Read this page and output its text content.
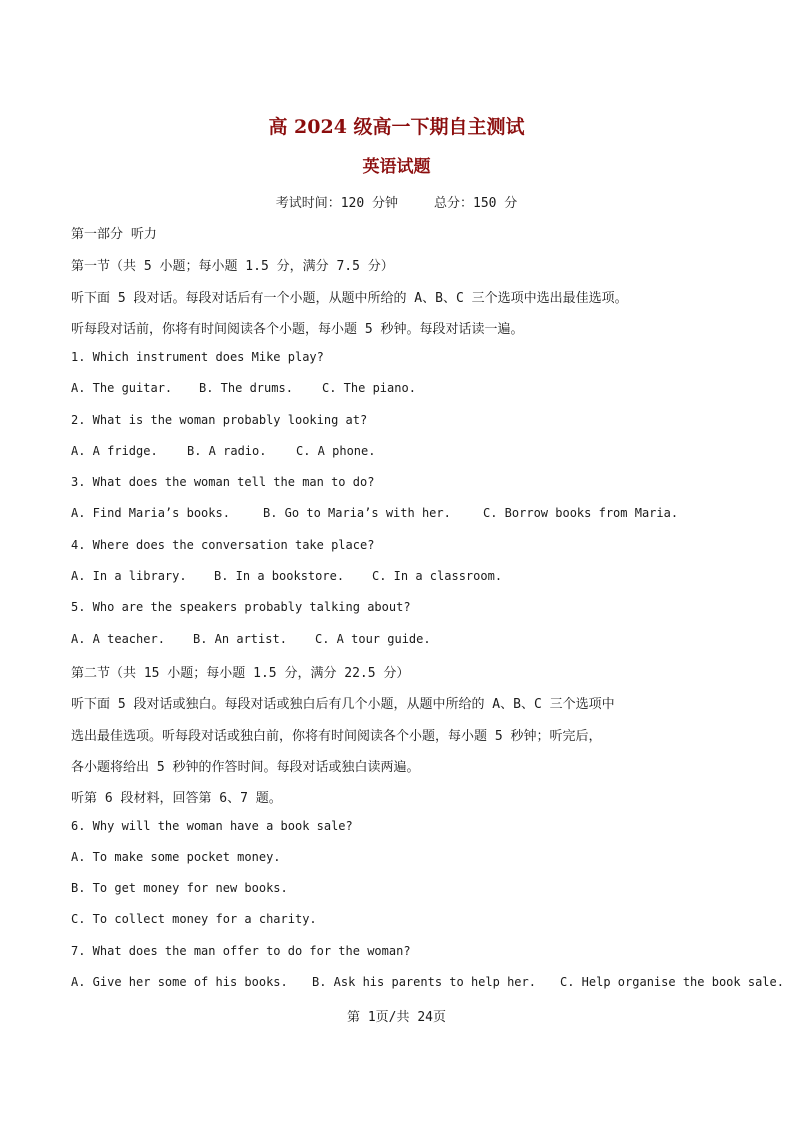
高 2024 级高一下期自主测试
英语试题
考试时间：120 分钟	总分：150 分
第一部分 听力
第一节（共 5 小题；每小题 1.5 分，满分 7.5 分）
听下面 5 段对话。每段对话后有一个小题，从题中所给的 A、B、C 三个选项中选出最佳选项。
听每段对话前，你将有时间阅读各个小题，每小题 5 秒钟。每段对话读一遍。
1. Which instrument does Mike play?
A. The guitar. B. The drums. C. The piano.
2. What is the woman probably looking at?
A. A fridge. B. A radio. C. A phone.
3. What does the woman tell the man to do?
A. Find Maria’s books.	B. Go to Maria’s with her.	C. Borrow books from Maria.
4. Where does the conversation take place?
A. In a library. B. In a bookstore. C. In a classroom.
5. Who are the speakers probably talking about?
A. A teacher. B. An artist. C. A tour guide.
第二节（共 15 小题；每小题 1.5 分，满分 22.5 分）
听下面 5 段对话或独白。每段对话或独白后有几个小题，从题中所给的 A、B、C 三个选项中
选出最佳选项。听每段对话或独白前，你将有时间阅读各个小题，每小题 5 秒钟；听完后，
各小题将给出 5 秒钟的作答时间。每段对话或独白读两遍。
听第 6 段材料，回答第 6、7 题。
6. Why will the woman have a book sale?
A. To make some pocket money.
B. To get money for new books.
C. To collect money for a charity.
7. What does the man offer to do for the woman?
A. Give her some of his books. B. Ask his parents to help her. C. Help organise the book sale.
第 1页/共 24页
